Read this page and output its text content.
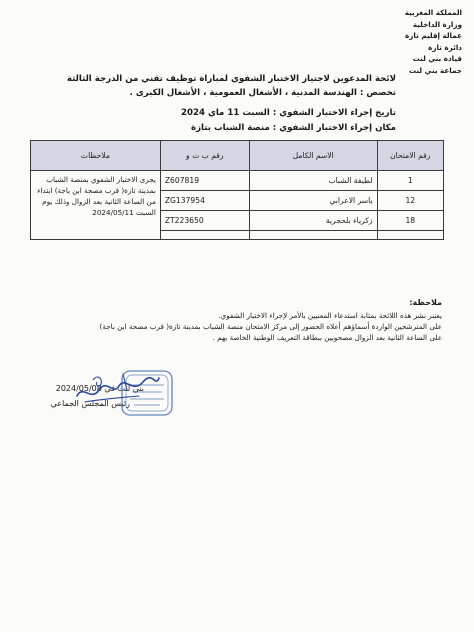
المملكة المغربية
وزارة الداخلية
عمالة إقليم تازة
دائرة تازة
قيادة بني لنت
جماعة بني لنت
لائحة المدعوين لاجتياز الاختبار الشفوي لمباراة توظيف تقني من الدرجة الثالثة
تخصص : الهندسة المدنية ، الأشغال العمومية ، الأشغال الكبرى .
تاريخ إجراء الاختبار الشفوي : السبت 11 ماي 2024
مكان إجراء الاختبار الشفوي : منصة الشباب بتازة
رقم الامتحان	الاسم الكامل	رقم ب ت و	ملاحظات
1	لطيفة الشباب	Z607819	يجرى الاختبار الشفوي بمنصة الشباب بمدينة تازة( قرب مصحة ابن باجة) ابتداء من الساعة الثانية بعد الزوال وذلك يوم السبت 2024/05/11
12	ياسر الاعرابي	ZG137954	
18	زكرياء بلحجرية	ZT223650	

ملاحظة:
يعتبر نشر هذه اللائحة بمثابة استدعاء المعنيين بالأمر لإجراء الاختبار الشفوي.
على المترشحين الواردة أسماؤهم أعلاه الحضور إلى مركز الامتحان منصة الشباب بمدينة تازة( قرب مصحة ابن باجة)
على الساعة الثانية بعد الزوال مصحوبين ببطاقة التعريف الوطنية الخاصة بهم .
بني لنت في 2024/05/08
رئيس المجلس الجماعي
